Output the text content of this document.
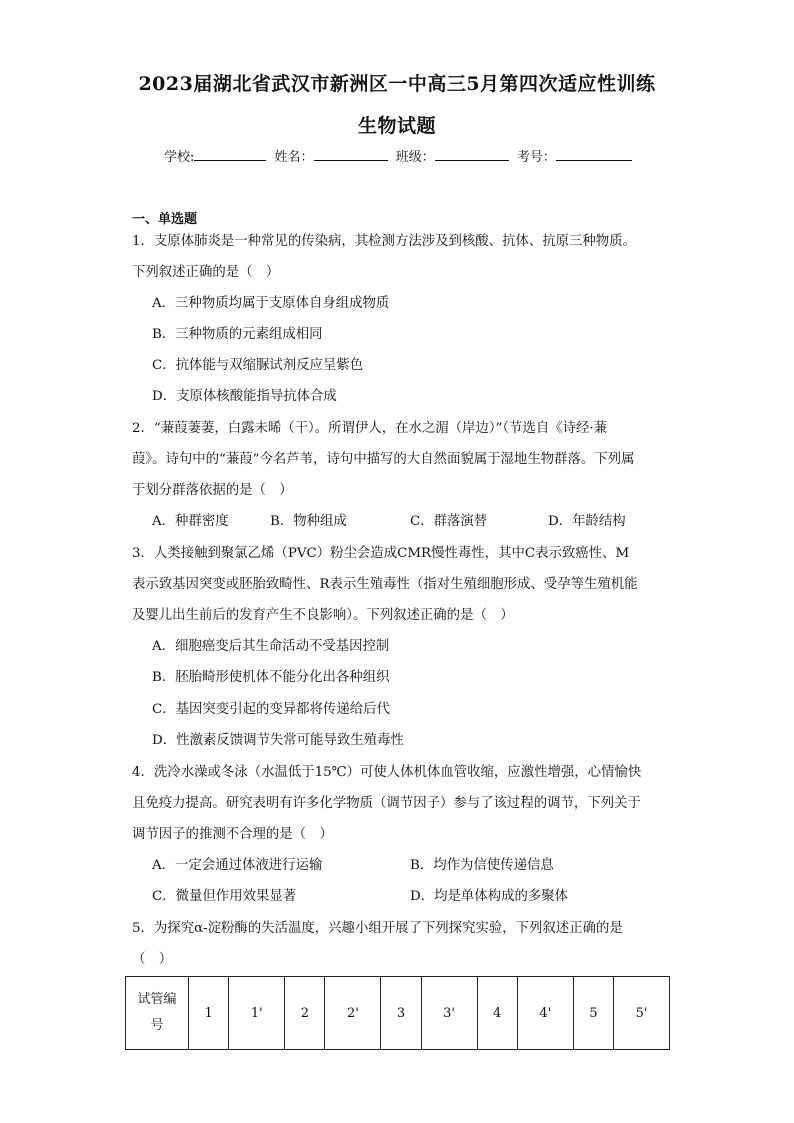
2023届湖北省武汉市新洲区一中高三5月第四次适应性训练
生物试题
学校:	姓名：	班级：	考号：
一、单选题
1．支原体肺炎是一种常见的传染病，其检测方法涉及到核酸、抗体、抗原三种物质。
下列叙述正确的是（　）
A．三种物质均属于支原体自身组成物质
B．三种物质的元素组成相同
C．抗体能与双缩脲试剂反应呈紫色
D．支原体核酸能指导抗体合成
2．“蒹葭萋萋，白露未晞（干）。所谓伊人，在水之湄（岸边）”（节选自《诗经·蒹
葭》。诗句中的“蒹葭”今名芦苇，诗句中描写的大自然面貌属于湿地生物群落。下列属
于划分群落依据的是（　）
A．种群密度	B．物种组成	C．群落演替	D．年龄结构
3．人类接触到聚氯乙烯（PVC）粉尘会造成CMR慢性毒性，其中C表示致癌性、M
表示致基因突变或胚胎致畸性、R表示生殖毒性（指对生殖细胞形成、受孕等生殖机能
及婴儿出生前后的发育产生不良影响）。下列叙述正确的是（　）
A．细胞癌变后其生命活动不受基因控制
B．胚胎畸形使机体不能分化出各种组织
C．基因突变引起的变异都将传递给后代
D．性激素反馈调节失常可能导致生殖毒性
4．洗冷水澡或冬泳（水温低于15℃）可使人体机体血管收缩，应激性增强，心情愉快
且免疫力提高。研究表明有许多化学物质（调节因子）参与了该过程的调节，下列关于
调节因子的推测不合理的是（　）
A．一定会通过体液进行运输	B．均作为信使传递信息
C．微量但作用效果显著	D．均是单体构成的多聚体
5．为探究α-淀粉酶的失活温度，兴趣小组开展了下列探究实验，下列叙述正确的是
（　）
试管编
号	1	1'	2	2'	3	3'	4	4'	5	5'
